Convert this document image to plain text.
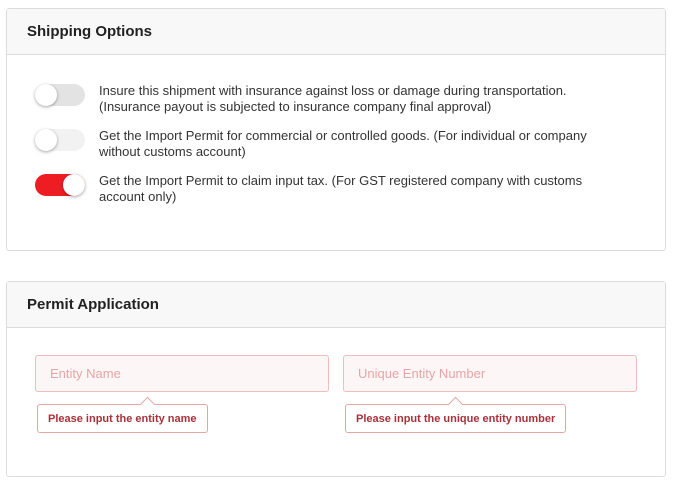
Shipping Options
Insure this shipment with insurance against loss or damage during transportation.
(Insurance payout is subjected to insurance company final approval)
Get the Import Permit for commercial or controlled goods. (For individual or company
without customs account)
Get the Import Permit to claim input tax. (For GST registered company with customs
account only)
Permit Application
Entity Name
Please input the entity name
Unique Entity Number	Please input the unique entity number
